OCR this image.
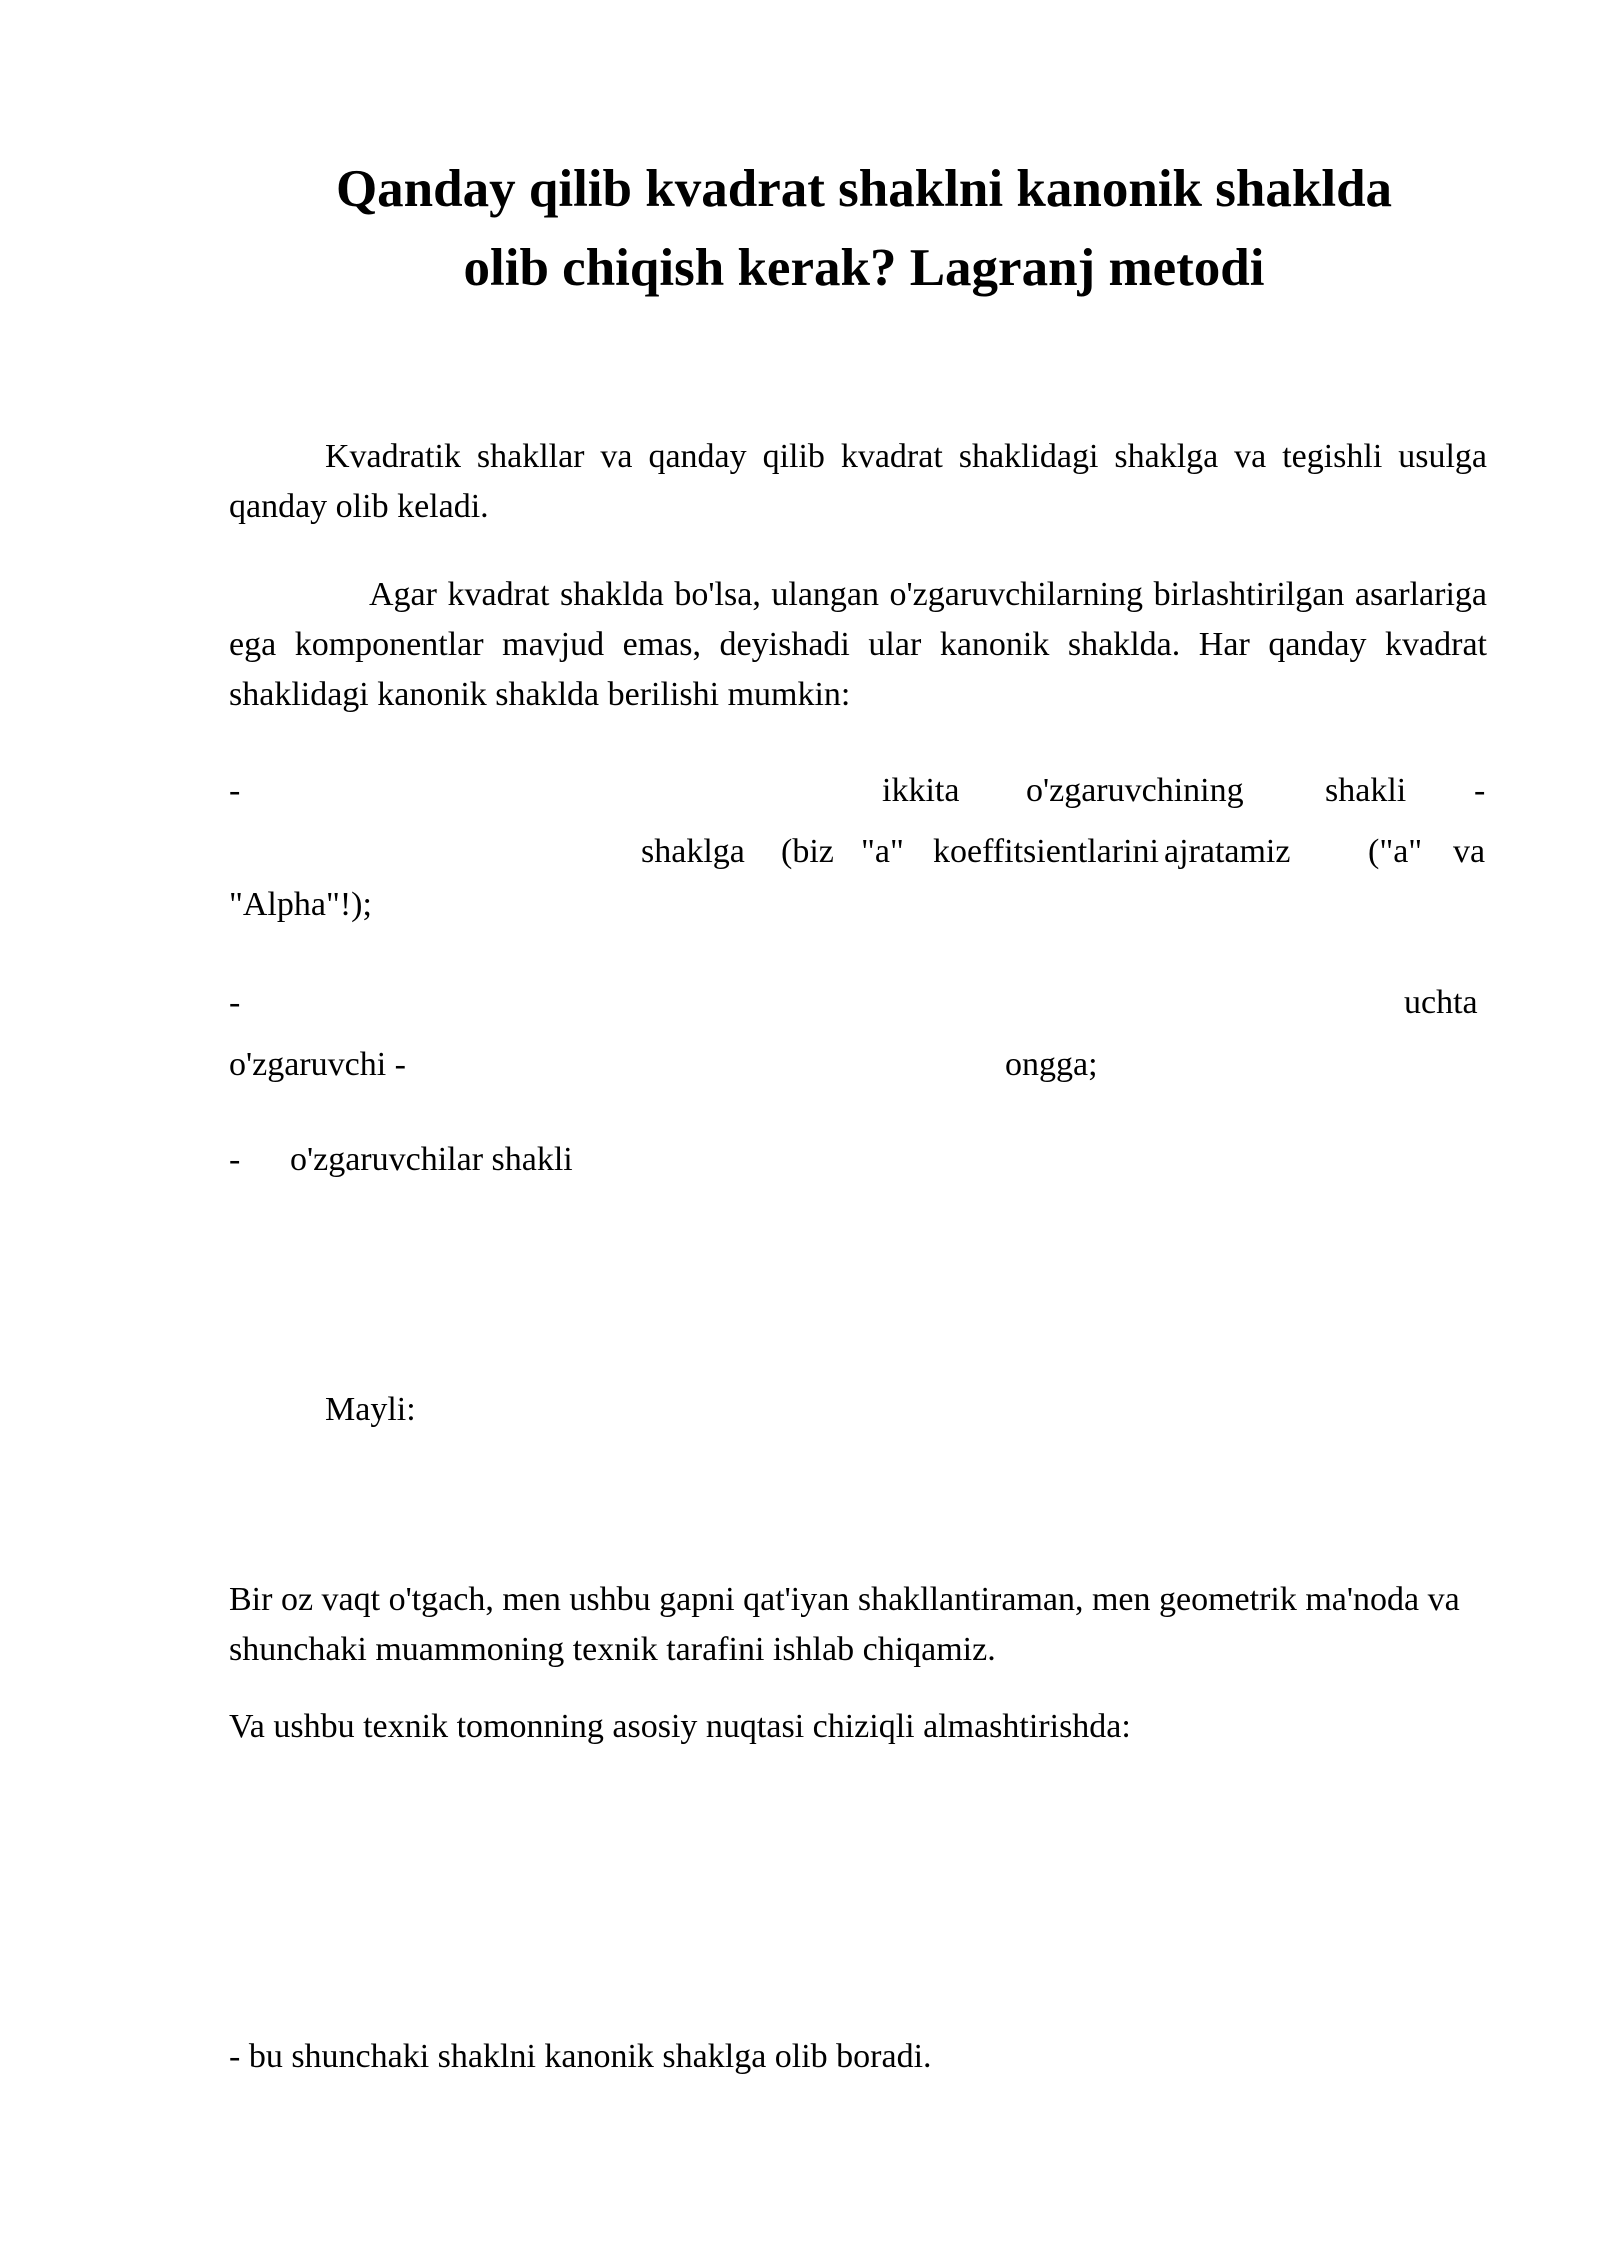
Qanday qilib kvadrat shaklni kanonik shaklda
olib chiqish kerak? Lagranj metodi

Kvadratik shakllar va qanday qilib kvadrat shaklidagi shaklga va tegishli usulga qanday olib keladi.

Agar kvadrat shaklda bo'lsa, ulangan o'zgaruvchilarning birlashtirilgan asarlariga ega komponentlar mavjud emas, deyishadi ular kanonik shaklda. Har qanday kvadrat shaklidagi kanonik shaklda berilishi mumkin:

-	ikkita o'zgaruvchining shakli -
shaklga (biz "a" koeffitsientlarini ajratamiz ("a" va
"Alpha"!);
-	uchta
o'zgaruvchi -	ongga;
- o'zgaruvchilar shakli
Mayli:

Bir oz vaqt o'tgach, men ushbu gapni qat'iyan shakllantiraman, men geometrik ma'noda va shunchaki muammoning texnik tarafini ishlab chiqamiz.

Va ushbu texnik tomonning asosiy nuqtasi chiziqli almashtirishda:

- bu shunchaki shaklni kanonik shaklga olib boradi.
